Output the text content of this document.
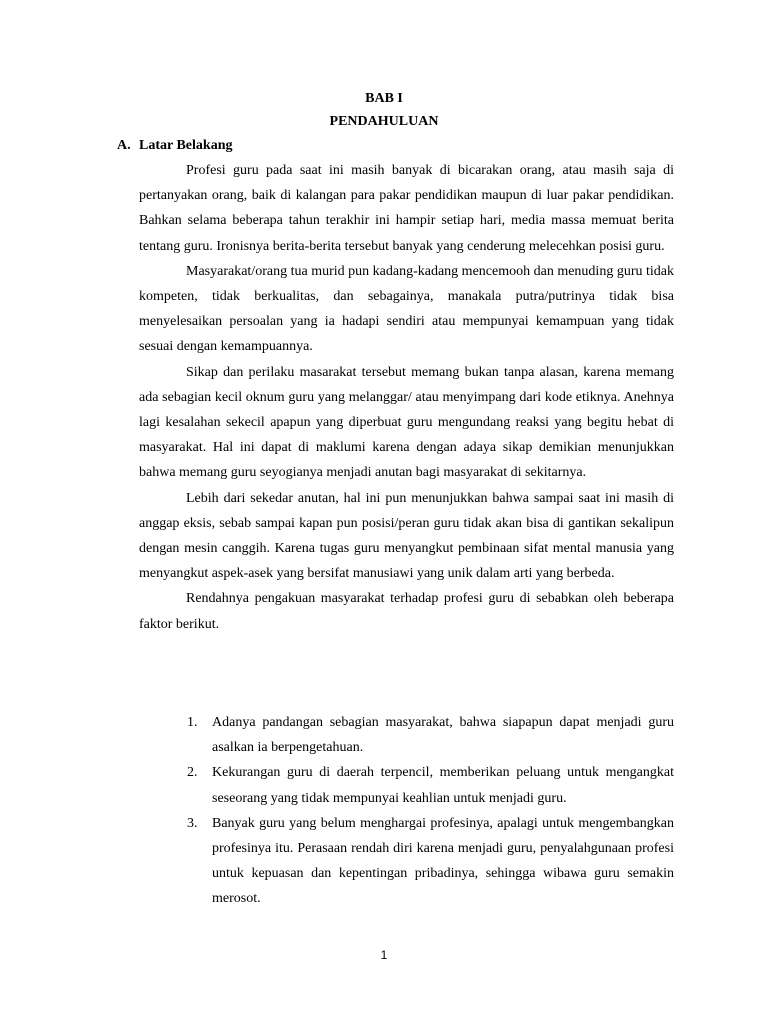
BAB I
PENDAHULUAN
A. Latar Belakang

Profesi guru pada saat ini masih banyak di bicarakan orang, atau masih saja di pertanyakan orang, baik di kalangan para pakar pendidikan maupun di luar pakar pendidikan. Bahkan selama beberapa tahun terakhir ini hampir setiap hari, media massa memuat berita tentang guru. Ironisnya berita-berita tersebut banyak yang cenderung melecehkan posisi guru.

Masyarakat/orang tua murid pun kadang-kadang mencemooh dan menuding guru tidak kompeten, tidak berkualitas, dan sebagainya, manakala putra/putrinya tidak bisa menyelesaikan persoalan yang ia hadapi sendiri atau mempunyai kemampuan yang tidak sesuai dengan kemampuannya.

Sikap dan perilaku masarakat tersebut memang bukan tanpa alasan, karena memang ada sebagian kecil oknum guru yang melanggar/ atau menyimpang dari kode etiknya. Anehnya lagi kesalahan sekecil apapun yang diperbuat guru mengundang reaksi yang begitu hebat di masyarakat. Hal ini dapat di maklumi karena dengan adaya sikap demikian menunjukkan bahwa memang guru seyogianya menjadi anutan bagi masyarakat di sekitarnya.

Lebih dari sekedar anutan, hal ini pun menunjukkan bahwa sampai saat ini masih di anggap eksis, sebab sampai kapan pun posisi/peran guru tidak akan bisa di gantikan sekalipun dengan mesin canggih. Karena tugas guru menyangkut pembinaan sifat mental manusia yang menyangkut aspek-asek yang bersifat manusiawi yang unik dalam arti yang berbeda.

Rendahnya pengakuan masyarakat terhadap profesi guru di sebabkan oleh beberapa faktor berikut.

1. Adanya pandangan sebagian masyarakat, bahwa siapapun dapat menjadi guru asalkan ia berpengetahuan.
2. Kekurangan guru di daerah terpencil, memberikan peluang untuk mengangkat seseorang yang tidak mempunyai keahlian untuk menjadi guru.
3. Banyak guru yang belum menghargai profesinya, apalagi untuk mengembangkan profesinya itu. Perasaan rendah diri karena menjadi guru, penyalahgunaan profesi untuk kepuasan dan kepentingan pribadinya, sehingga wibawa guru semakin merosot.
1
